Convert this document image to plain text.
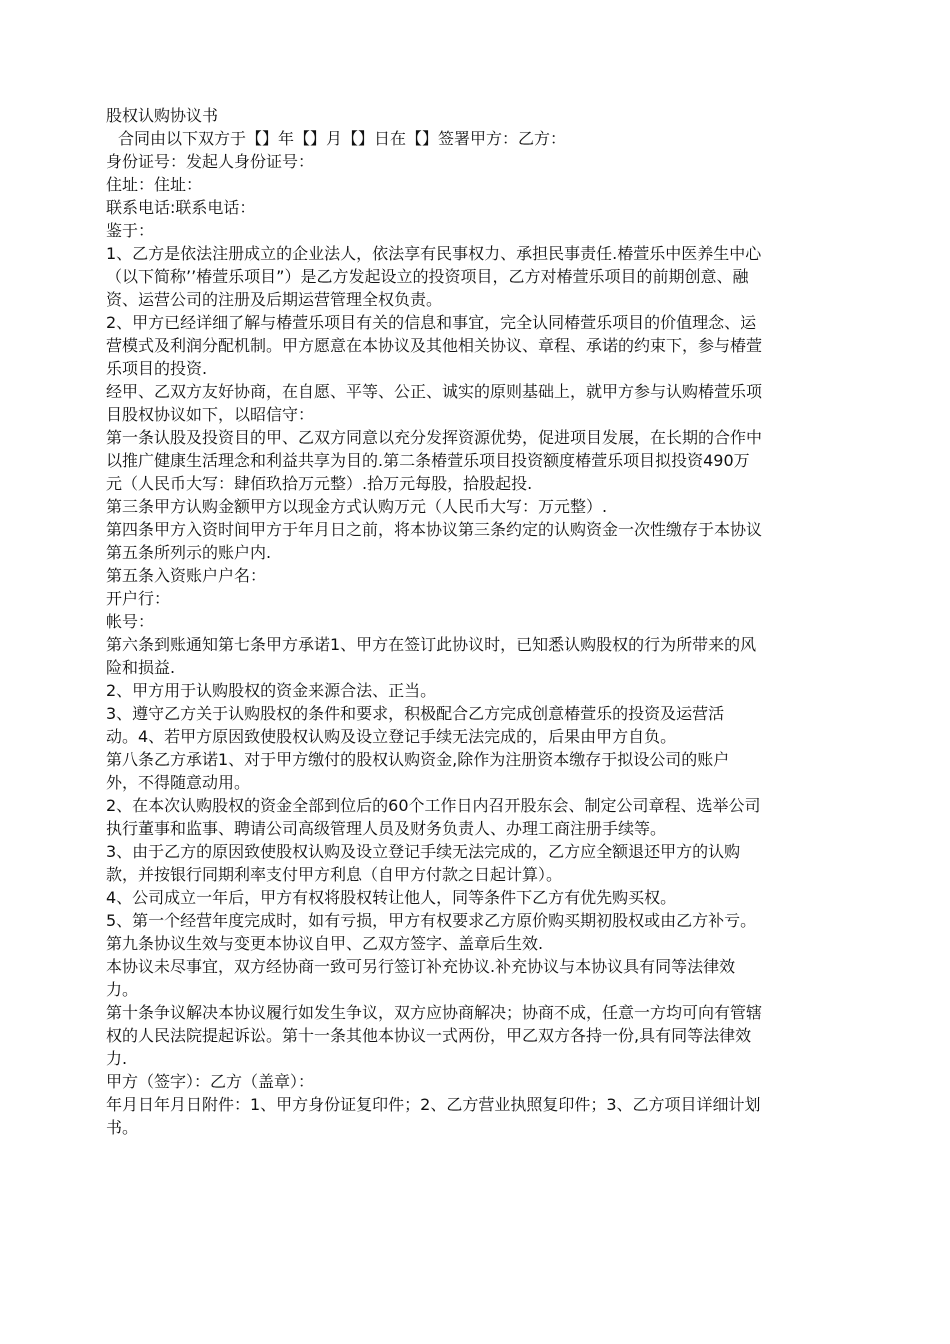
股权认购协议书
合同由以下双方于【】年【】月【】日在【】签署甲方：乙方：
身份证号：发起人身份证号：
住址：住址：
联系电话:联系电话：
鉴于：
1、乙方是依法注册成立的企业法人，依法享有民事权力、承担民事责任.椿萱乐中医养生中心
（以下简称’’椿萱乐项目”）是乙方发起设立的投资项目，乙方对椿萱乐项目的前期创意、融
资、运营公司的注册及后期运营管理全权负责。
2、甲方已经详细了解与椿萱乐项目有关的信息和事宜，完全认同椿萱乐项目的价值理念、运
营模式及利润分配机制。甲方愿意在本协议及其他相关协议、章程、承诺的约束下，参与椿萱
乐项目的投资.
经甲、乙双方友好协商，在自愿、平等、公正、诚实的原则基础上，就甲方参与认购椿萱乐项
目股权协议如下，以昭信守：
第一条认股及投资目的甲、乙双方同意以充分发挥资源优势，促进项目发展，在长期的合作中
以推广健康生活理念和利益共享为目的.第二条椿萱乐项目投资额度椿萱乐项目拟投资490万
元（人民币大写：肆佰玖拾万元整）.拾万元每股，拾股起投.
第三条甲方认购金额甲方以现金方式认购万元（人民币大写：万元整）.
第四条甲方入资时间甲方于年月日之前，将本协议第三条约定的认购资金一次性缴存于本协议
第五条所列示的账户内.
第五条入资账户户名：
开户行：
帐号：
第六条到账通知第七条甲方承诺1、甲方在签订此协议时，已知悉认购股权的行为所带来的风
险和损益.
2、甲方用于认购股权的资金来源合法、正当。
3、遵守乙方关于认购股权的条件和要求，积极配合乙方完成创意椿萱乐的投资及运营活
动。4、若甲方原因致使股权认购及设立登记手续无法完成的，后果由甲方自负。
第八条乙方承诺1、对于甲方缴付的股权认购资金,除作为注册资本缴存于拟设公司的账户
外，不得随意动用。
2、在本次认购股权的资金全部到位后的60个工作日内召开股东会、制定公司章程、选举公司
执行董事和监事、聘请公司高级管理人员及财务负责人、办理工商注册手续等。
3、由于乙方的原因致使股权认购及设立登记手续无法完成的，乙方应全额退还甲方的认购
款，并按银行同期利率支付甲方利息（自甲方付款之日起计算）。
4、公司成立一年后，甲方有权将股权转让他人，同等条件下乙方有优先购买权。
5、第一个经营年度完成时，如有亏损，甲方有权要求乙方原价购买期初股权或由乙方补亏。
第九条协议生效与变更本协议自甲、乙双方签字、盖章后生效.
本协议未尽事宜，双方经协商一致可另行签订补充协议.补充协议与本协议具有同等法律效
力。
第十条争议解决本协议履行如发生争议，双方应协商解决；协商不成，任意一方均可向有管辖
权的人民法院提起诉讼。第十一条其他本协议一式两份，甲乙双方各持一份,具有同等法律效
力.
甲方（签字）：乙方（盖章）：
年月日年月日附件：1、甲方身份证复印件；2、乙方营业执照复印件；3、乙方项目详细计划
书。
